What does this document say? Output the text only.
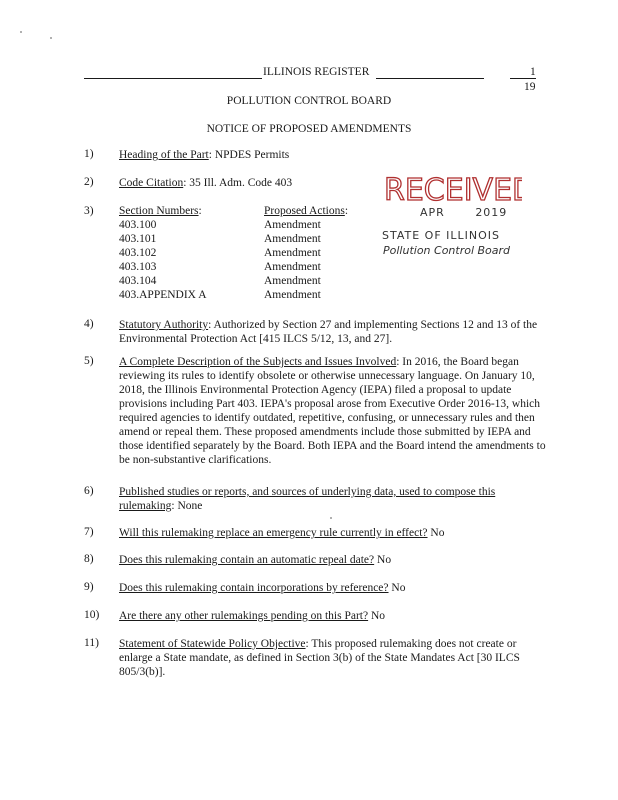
ILLINOIS REGISTER	1
19
POLLUTION CONTROL BOARD
NOTICE OF PROPOSED AMENDMENTS
RECEIVED
APR	2019
STATE OF ILLINOIS
Pollution Control Board
1) Heading of the Part: NPDES Permits
2) Code Citation: 35 Ill. Adm. Code 403
3) Section Numbers:	Proposed Actions:
403.100	Amendment
403.101	Amendment
403.102	Amendment
403.103	Amendment
403.104	Amendment
403.APPENDIX A	Amendment
4) Statutory Authority: Authorized by Section 27 and implementing Sections 12 and 13 of the Environmental Protection Act [415 ILCS 5/12, 13, and 27].
5) A Complete Description of the Subjects and Issues Involved: In 2016, the Board began reviewing its rules to identify obsolete or otherwise unnecessary language. On January 10, 2018, the Illinois Environmental Protection Agency (IEPA) filed a proposal to update provisions including Part 403. IEPA's proposal arose from Executive Order 2016-13, which required agencies to identify outdated, repetitive, confusing, or unnecessary rules and then amend or repeal them. These proposed amendments include those submitted by IEPA and those identified separately by the Board. Both IEPA and the Board intend the amendments to be non-substantive clarifications.
6) Published studies or reports, and sources of underlying data, used to compose this rulemaking: None
7) Will this rulemaking replace an emergency rule currently in effect? No
8) Does this rulemaking contain an automatic repeal date? No
9) Does this rulemaking contain incorporations by reference? No
10) Are there any other rulemakings pending on this Part? No
11) Statement of Statewide Policy Objective: This proposed rulemaking does not create or enlarge a State mandate, as defined in Section 3(b) of the State Mandates Act [30 ILCS 805/3(b)].
